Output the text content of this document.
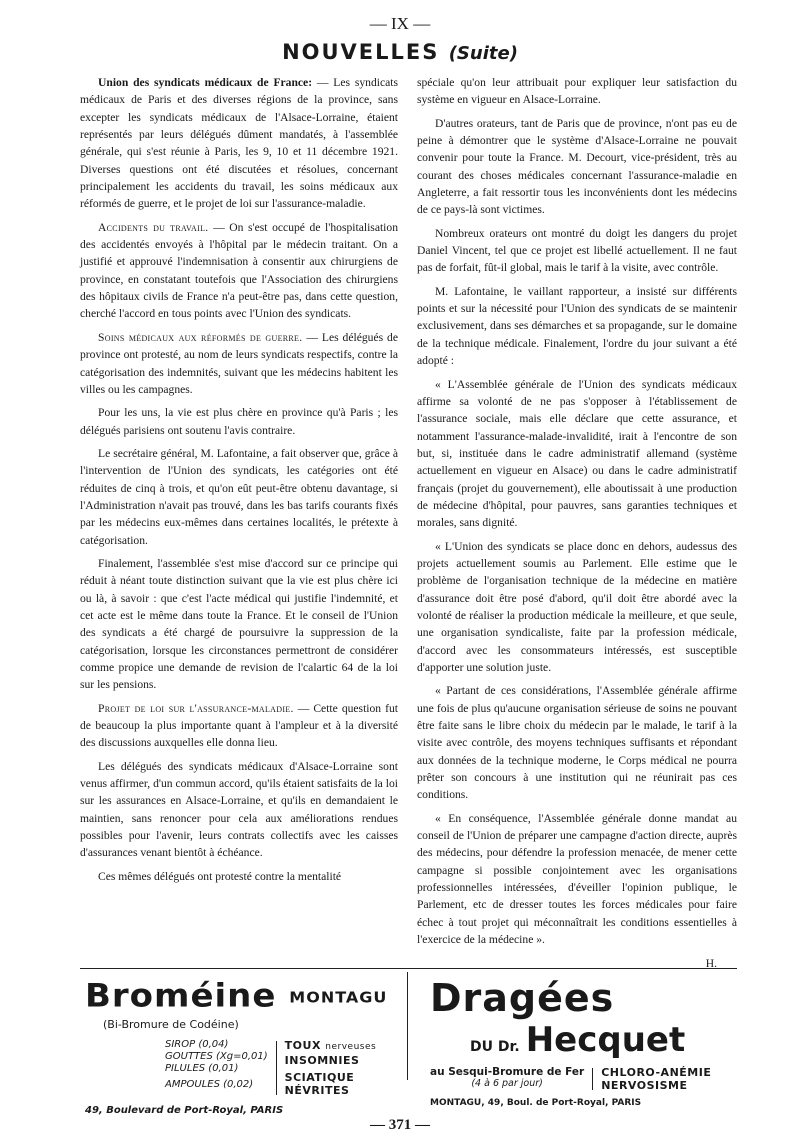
— IX —
NOUVELLES (Suite)

Union des syndicats médicaux de France: — Les syndicats médicaux de Paris et des diverses régions de la province, sans excepter les syndicats médicaux de l'Alsace-Lorraine, étaient représentés par leurs délégués dûment mandatés, à l'assemblée générale, qui s'est réunie à Paris, les 9, 10 et 11 décembre 1921. Diverses questions ont été discutées et résolues, concernant principalement les accidents du travail, les soins médicaux aux réformés de guerre, et le projet de loi sur l'assurance-maladie.

Accidents du travail. — On s'est occupé de l'hospitalisation des accidentés envoyés à l'hôpital par le médecin traitant. On a justifié et approuvé l'indemnisation à consentir aux chirurgiens de province, en constatant toutefois que l'Association des chirurgiens des hôpitaux civils de France n'a peut-être pas, dans cette question, cherché l'accord en tous points avec l'Union des syndicats.

Soins médicaux aux réformés de guerre. — Les délégués de province ont protesté, au nom de leurs syndicats respectifs, contre la catégorisation des indemnités, suivant que les médecins habitent les villes ou les campagnes.

Pour les uns, la vie est plus chère en province qu'à Paris ; les délégués parisiens ont soutenu l'avis contraire.

Le secrétaire général, M. Lafontaine, a fait observer que, grâce à l'intervention de l'Union des syndicats, les catégories ont été réduites de cinq à trois, et qu'on eût peut-être obtenu davantage, si l'Administration n'avait pas trouvé, dans les bas tarifs courants fixés par les médecins eux-mêmes dans certaines localités, le prétexte à catégorisation.

Finalement, l'assemblée s'est mise d'accord sur ce principe qui réduit à néant toute distinction suivant que la vie est plus chère ici ou là, à savoir : que c'est l'acte médical qui justifie l'indemnité, et cet acte est le même dans toute la France. Et le conseil de l'Union des syndicats a été chargé de poursuivre la suppression de la catégorisation, lorsque les circonstances permettront de considérer comme propice une demande de revision de l'calartic 64 de la loi sur les pensions.

Projet de loi sur l'assurance-maladie. — Cette question fut de beaucoup la plus importante quant à l'ampleur et à la diversité des discussions auxquelles elle donna lieu.

Les délégués des syndicats médicaux d'Alsace-Lorraine sont venus affirmer, d'un commun accord, qu'ils étaient satisfaits de la loi sur les assurances en Alsace-Lorraine, et qu'ils en demandaient le maintien, sans renoncer pour cela aux améliorations rendues possibles pour l'avenir, leurs contrats collectifs avec les caisses d'assurances venant bientôt à échéance.

Ces mêmes délégués ont protesté contre la mentalité

spéciale qu'on leur attribuait pour expliquer leur satisfaction du système en vigueur en Alsace-Lorraine.

D'autres orateurs, tant de Paris que de province, n'ont pas eu de peine à démontrer que le système d'Alsace-Lorraine ne pouvait convenir pour toute la France. M. Decourt, vice-président, très au courant des choses médicales concernant l'assurance-maladie en Angleterre, a fait ressortir tous les inconvénients dont les médecins de ce pays-là sont victimes.

Nombreux orateurs ont montré du doigt les dangers du projet Daniel Vincent, tel que ce projet est libellé actuellement. Il ne faut pas de forfait, fût-il global, mais le tarif à la visite, avec contrôle.

M. Lafontaine, le vaillant rapporteur, a insisté sur différents points et sur la nécessité pour l'Union des syndicats de se maintenir exclusivement, dans ses démarches et sa propagande, sur le domaine de la technique médicale. Finalement, l'ordre du jour suivant a été adopté :

« L'Assemblée générale de l'Union des syndicats médicaux affirme sa volonté de ne pas s'opposer à l'établissement de l'assurance sociale, mais elle déclare que cette assurance, et notamment l'assurance-malade-invalidité, irait à l'encontre de son but, si, instituée dans le cadre administratif allemand (système actuellement en vigueur en Alsace) ou dans le cadre administratif français (projet du gouvernement), elle aboutissait à une production de médecine d'hôpital, pour pauvres, sans garanties techniques et morales, sans dignité.

« L'Union des syndicats se place donc en dehors, audessus des projets actuellement soumis au Parlement. Elle estime que le problème de l'organisation technique de la médecine en matière d'assurance doit être posé d'abord, qu'il doit être abordé avec la volonté de réaliser la production médicale la meilleure, et que seule, une organisation syndicaliste, faite par la profession médicale, d'accord avec les consommateurs intéressés, est susceptible d'apporter une solution juste.

« Partant de ces considérations, l'Assemblée générale affirme une fois de plus qu'aucune organisation sérieuse de soins ne pouvant être faite sans le libre choix du médecin par le malade, le tarif à la visite avec contrôle, des moyens techniques suffisants et répondant aux données de la technique moderne, le Corps médical ne pourra prêter son concours à une institution qui ne réunirait pas ces conditions.

« En conséquence, l'Assemblée générale donne mandat au conseil de l'Union de préparer une campagne d'action directe, auprès des médecins, pour défendre la profession menacée, de mener cette campagne si possible conjointement avec les organisations professionnelles intéressées, d'éveiller l'opinion publique, le Parlement, etc de dresser toutes les forces médicales pour faire échec à tout projet qui méconnaîtrait les conditions essentielles à l'exercice de la médecine ».

H.

Broméine MONTAGU
(Bi-Bromure de Codéine)
SIROP (0,04)
GOUTTES (Xg=0,01)
PILULES (0,01)
AMPOULES (0,02)
TOUX nerveuses
INSOMNIES
SCIATIQUE
NÉVRITES
49, Boulevard de Port-Royal, PARIS
Dragées
DU Dr. Hecquet
au Sesqui-Bromure de Fer
(4 à 6 par jour)
CHLORO-ANÉMIE
NERVOSISME
MONTAGU, 49, Boul. de Port-Royal, PARIS
— 371 —
